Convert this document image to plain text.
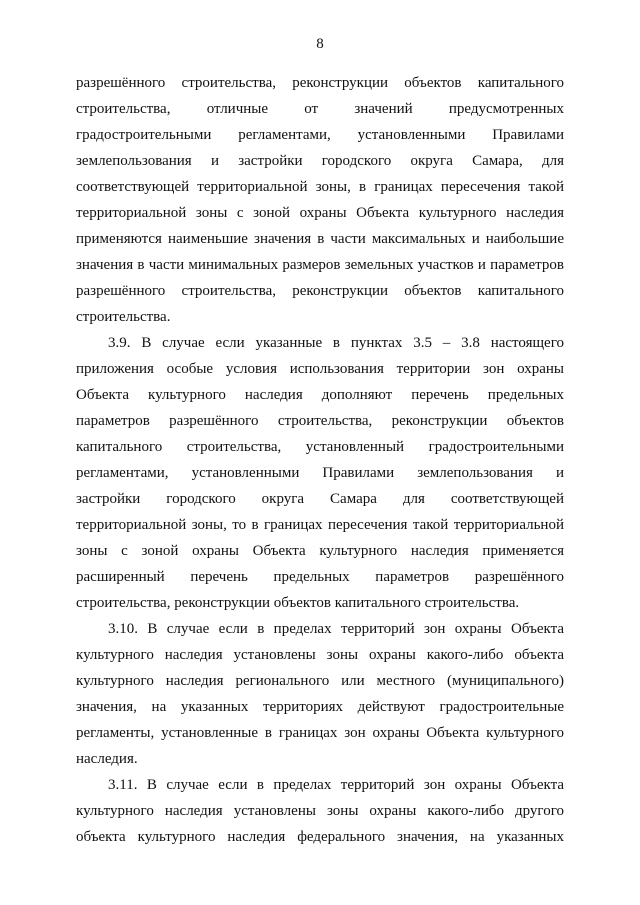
8
разрешённого строительства, реконструкции объектов капитального
строительства, отличные от значений предусмотренных
градостроительными регламентами, установленными Правилами
землепользования и застройки городского округа Самара, для
соответствующей территориальной зоны, в границах пересечения такой
территориальной зоны с зоной охраны Объекта культурного наследия
применяются наименьшие значения в части максимальных и наибольшие
значения в части минимальных размеров земельных участков и параметров
разрешённого строительства, реконструкции объектов капитального
строительства.
3.9. В случае если указанные в пунктах 3.5 – 3.8 настоящего
приложения особые условия использования территории зон охраны
Объекта культурного наследия дополняют перечень предельных
параметров разрешённого строительства, реконструкции объектов
капитального строительства, установленный градостроительными
регламентами, установленными Правилами землепользования и
застройки городского округа Самара для соответствующей
территориальной зоны, то в границах пересечения такой территориальной
зоны с зоной охраны Объекта культурного наследия применяется
расширенный перечень предельных параметров разрешённого
строительства, реконструкции объектов капитального строительства.
3.10. В случае если в пределах территорий зон охраны Объекта
культурного наследия установлены зоны охраны какого-либо объекта
культурного наследия регионального или местного (муниципального)
значения, на указанных территориях действуют градостроительные
регламенты, установленные в границах зон охраны Объекта культурного
наследия.
3.11. В случае если в пределах территорий зон охраны Объекта
культурного наследия установлены зоны охраны какого-либо другого
объекта культурного наследия федерального значения, на указанных
